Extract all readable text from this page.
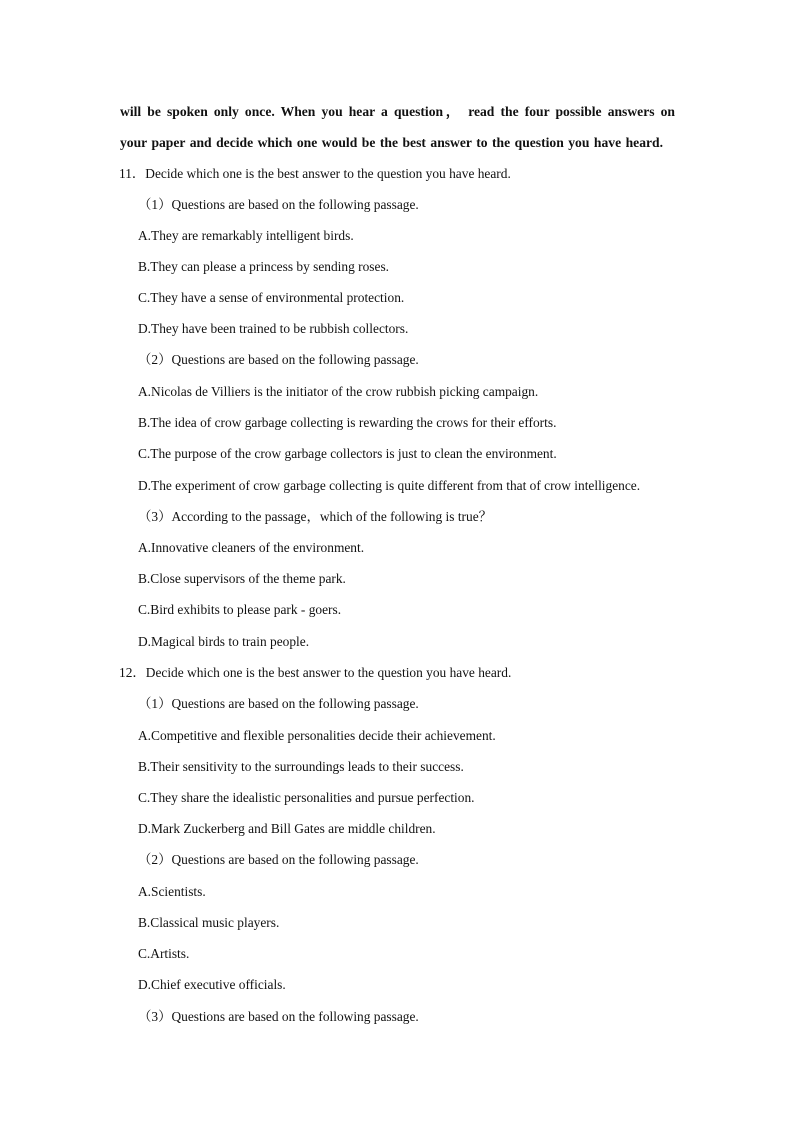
will be spoken only once. When you hear a question， read the four possible answers on
your paper and decide which one would be the best answer to the question you have heard.
11．Decide which one is the best answer to the question you have heard.
（1）Questions are based on the following passage.
A.They are remarkably intelligent birds.
B.They can please a princess by sending roses.
C.They have a sense of environmental protection.
D.They have been trained to be rubbish collectors.
（2）Questions are based on the following passage.
A.Nicolas de Villiers is the initiator of the crow rubbish picking campaign.
B.The idea of crow garbage collecting is rewarding the crows for their efforts.
C.The purpose of the crow garbage collectors is just to clean the environment.
D.The experiment of crow garbage collecting is quite different from that of crow intelligence.
（3）According to the passage，which of the following is true？
A.Innovative cleaners of the environment.
B.Close supervisors of the theme park.
C.Bird exhibits to please park - goers.
D.Magical birds to train people.
12．Decide which one is the best answer to the question you have heard.
（1）Questions are based on the following passage.
A.Competitive and flexible personalities decide their achievement.
B.Their sensitivity to the surroundings leads to their success.
C.They share the idealistic personalities and pursue perfection.
D.Mark Zuckerberg and Bill Gates are middle children.
（2）Questions are based on the following passage.
A.Scientists.
B.Classical music players.
C.Artists.
D.Chief executive officials.
（3）Questions are based on the following passage.
